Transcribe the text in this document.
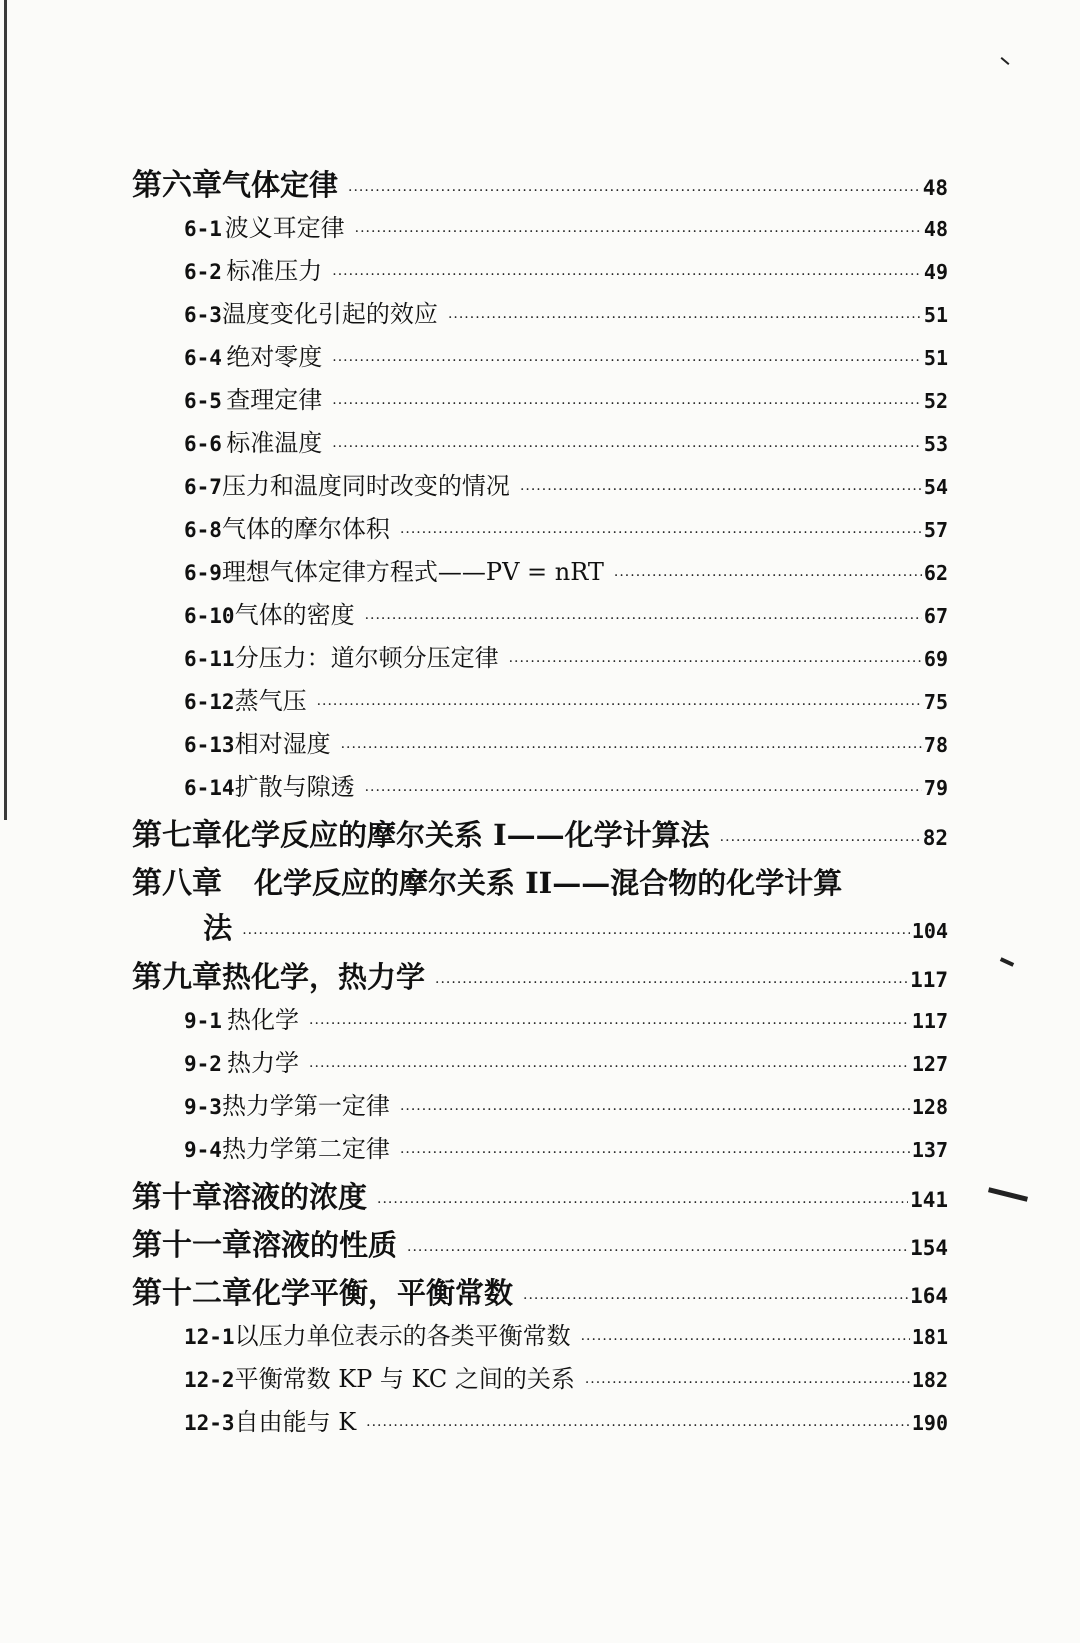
第六章 气体定律 ·····	48
6-1 波义耳定律 ·····	48
6-2 标准压力 ·····	49
6-3 温度变化引起的效应 ·····	51
6-4 绝对零度 ·····	51
6-5 查理定律 ·····	52
6-6 标准温度 ·····	53
6-7 压力和温度同时改变的情况 ·····	54
6-8 气体的摩尔体积 ·····	57
6-9 理想气体定律方程式——PV = nRT ·····	62
6-10 气体的密度 ·····	67
6-11 分压力：道尔顿分压定律 ·····	69
6-12 蒸气压 ·····	75
6-13 相对湿度 ·····	78
6-14 扩散与隙透 ·····	79
第七章 化学反应的摩尔关系 I——化学计算法 ·····	82
第八章	化学反应的摩尔关系 II——混合物的化学计算
法 ·····	104
第九章 热化学，热力学 ·····	117
9-1 热化学 ·····	117
9-2 热力学 ·····	127
9-3 热力学第一定律 ·····	128
9-4 热力学第二定律 ·····	137
第十章 溶液的浓度 ·····	141
第十一章 溶液的性质 ·····	154
第十二章 化学平衡，平衡常数 ·····	164
12-1 以压力单位表示的各类平衡常数 ·····	181
12-2 平衡常数 KP 与 KC 之间的关系 ·····	182
12-3 自由能与 K ·····	190
